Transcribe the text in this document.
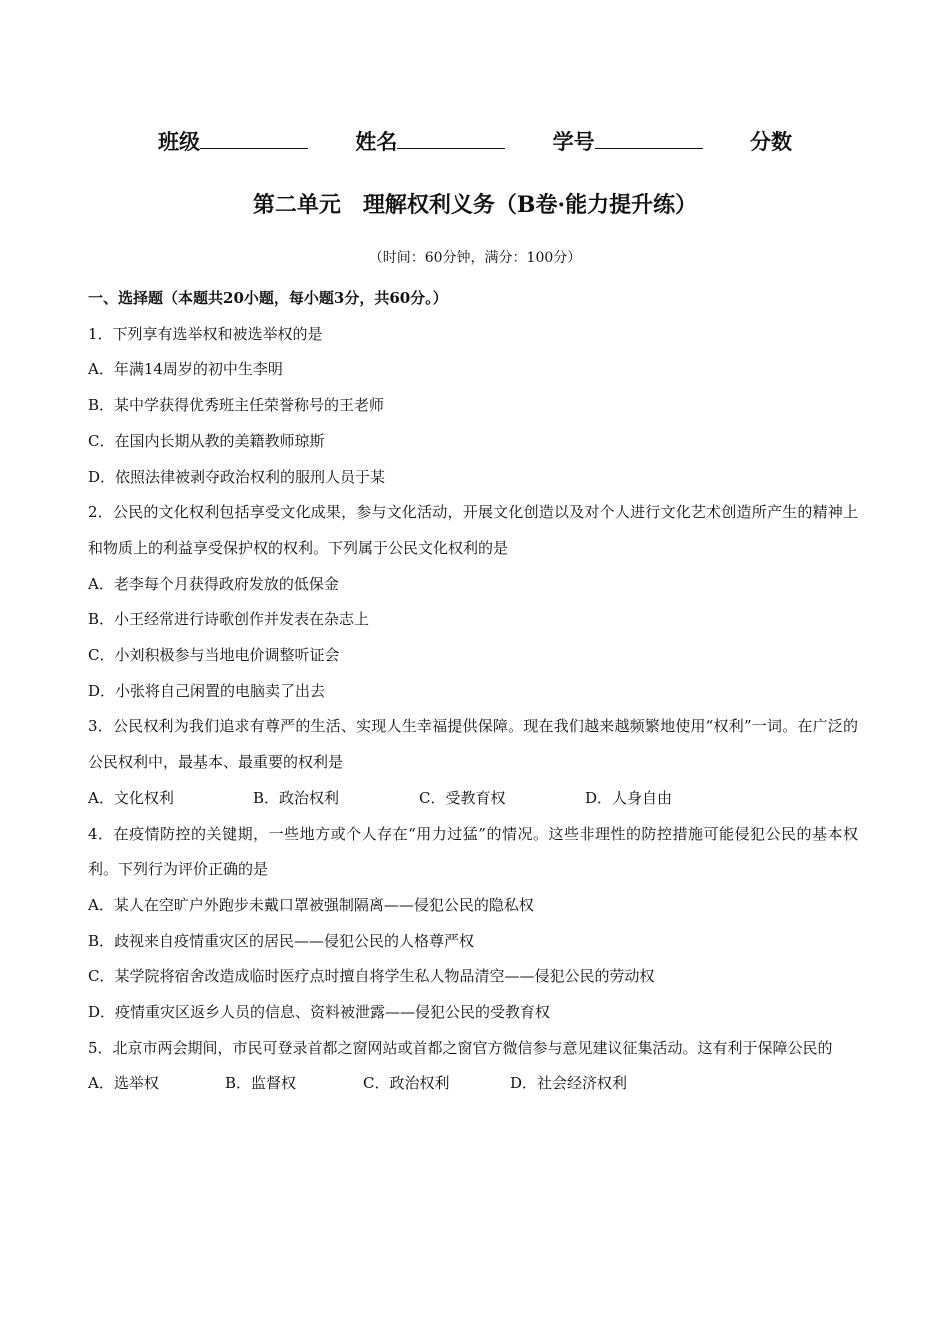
班级	姓名	学号	分数
第二单元　理解权利义务（B卷·能力提升练）
（时间：60分钟，满分：100分）
一、选择题（本题共20小题，每小题3分，共60分。）
1．下列享有选举权和被选举权的是
A．年满14周岁的初中生李明
B．某中学获得优秀班主任荣誉称号的王老师
C．在国内长期从教的美籍教师琼斯
D．依照法律被剥夺政治权利的服刑人员于某
2．公民的文化权利包括享受文化成果，参与文化活动，开展文化创造以及对个人进行文化艺术创造所产生的精神上和物质上的利益享受保护权的权利。下列属于公民文化权利的是
A．老李每个月获得政府发放的低保金
B．小王经常进行诗歌创作并发表在杂志上
C．小刘积极参与当地电价调整听证会
D．小张将自己闲置的电脑卖了出去
3．公民权利为我们追求有尊严的生活、实现人生幸福提供保障。现在我们越来越频繁地使用“权利”一词。在广泛的公民权利中，最基本、最重要的权利是
A．文化权利	B．政治权利	C．受教育权	D．人身自由
4．在疫情防控的关键期，一些地方或个人存在“用力过猛”的情况。这些非理性的防控措施可能侵犯公民的基本权利。下列行为评价正确的是
A．某人在空旷户外跑步未戴口罩被强制隔离——侵犯公民的隐私权
B．歧视来自疫情重灾区的居民——侵犯公民的人格尊严权
C．某学院将宿舍改造成临时医疗点时擅自将学生私人物品清空——侵犯公民的劳动权
D．疫情重灾区返乡人员的信息、资料被泄露——侵犯公民的受教育权
5．北京市两会期间，市民可登录首都之窗网站或首都之窗官方微信参与意见建议征集活动。这有利于保障公民的
A．选举权	B．监督权	C．政治权利	D．社会经济权利
